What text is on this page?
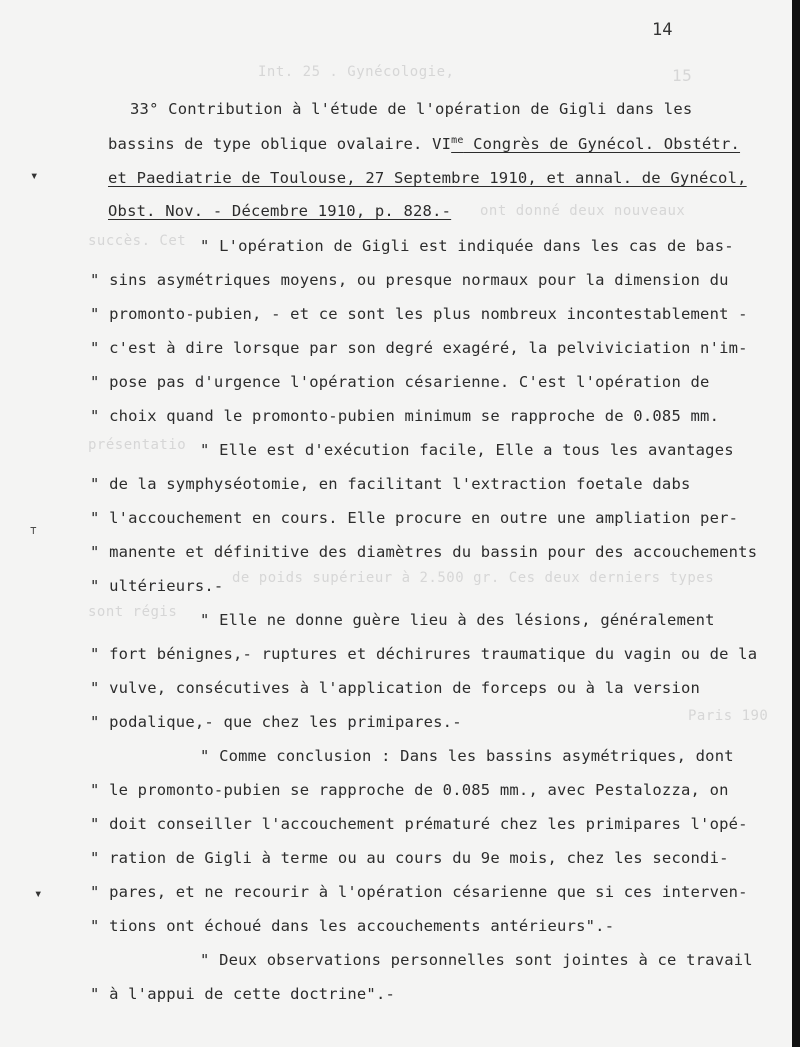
Int. 25 . Gynécologie,	15
ont donné deux nouveaux
succès. Cet
présentatio
de poids supérieur à 2.500 gr. Ces deux derniers types
sont régis
Paris 190
14
▾
⊤
▾
33° Contribution à l'étude de l'opération de Gigli dans les
bassins de type oblique ovalaire. $VI^{me}$ Congrès de Gynécol. Obstétr.
et Paediatrie de Toulouse, 27 Septembre 1910, et annal. de Gynécol,
Obst. Nov. - Décembre 1910, p. 828.-
" L'opération de Gigli est indiquée dans les cas de bas-
" sins asymétriques moyens, ou presque normaux pour la dimension du
" promonto-pubien, - et ce sont les plus nombreux incontestablement -
" c'est à dire lorsque par son degré exagéré, la pelviviciation n'im-
" pose pas d'urgence l'opération césarienne. C'est l'opération de
" choix quand le promonto-pubien minimum se rapproche de 0.085 mm.
" Elle est d'exécution facile, Elle a tous les avantages
" de la symphyséotomie, en facilitant l'extraction foetale dabs
" l'accouchement en cours. Elle procure en outre une ampliation per-
" manente et définitive des diamètres du bassin pour des accouchements
" ultérieurs.-
" Elle ne donne guère lieu à des lésions, généralement
" fort bénignes,- ruptures et déchirures traumatique du vagin ou de la
" vulve, consécutives à l'application de forceps ou à la version
" podalique,- que chez les primipares.-
" Comme conclusion : Dans les bassins asymétriques, dont
" le promonto-pubien se rapproche de 0.085 mm., avec Pestalozza, on
" doit conseiller l'accouchement prématuré chez les primipares l'opé-
" ration de Gigli à terme ou au cours du 9e mois, chez les secondi-
" pares, et ne recourir à l'opération césarienne que si ces interven-
" tions ont échoué dans les accouchements antérieurs".-
" Deux observations personnelles sont jointes à ce travail
" à l'appui de cette doctrine".-
